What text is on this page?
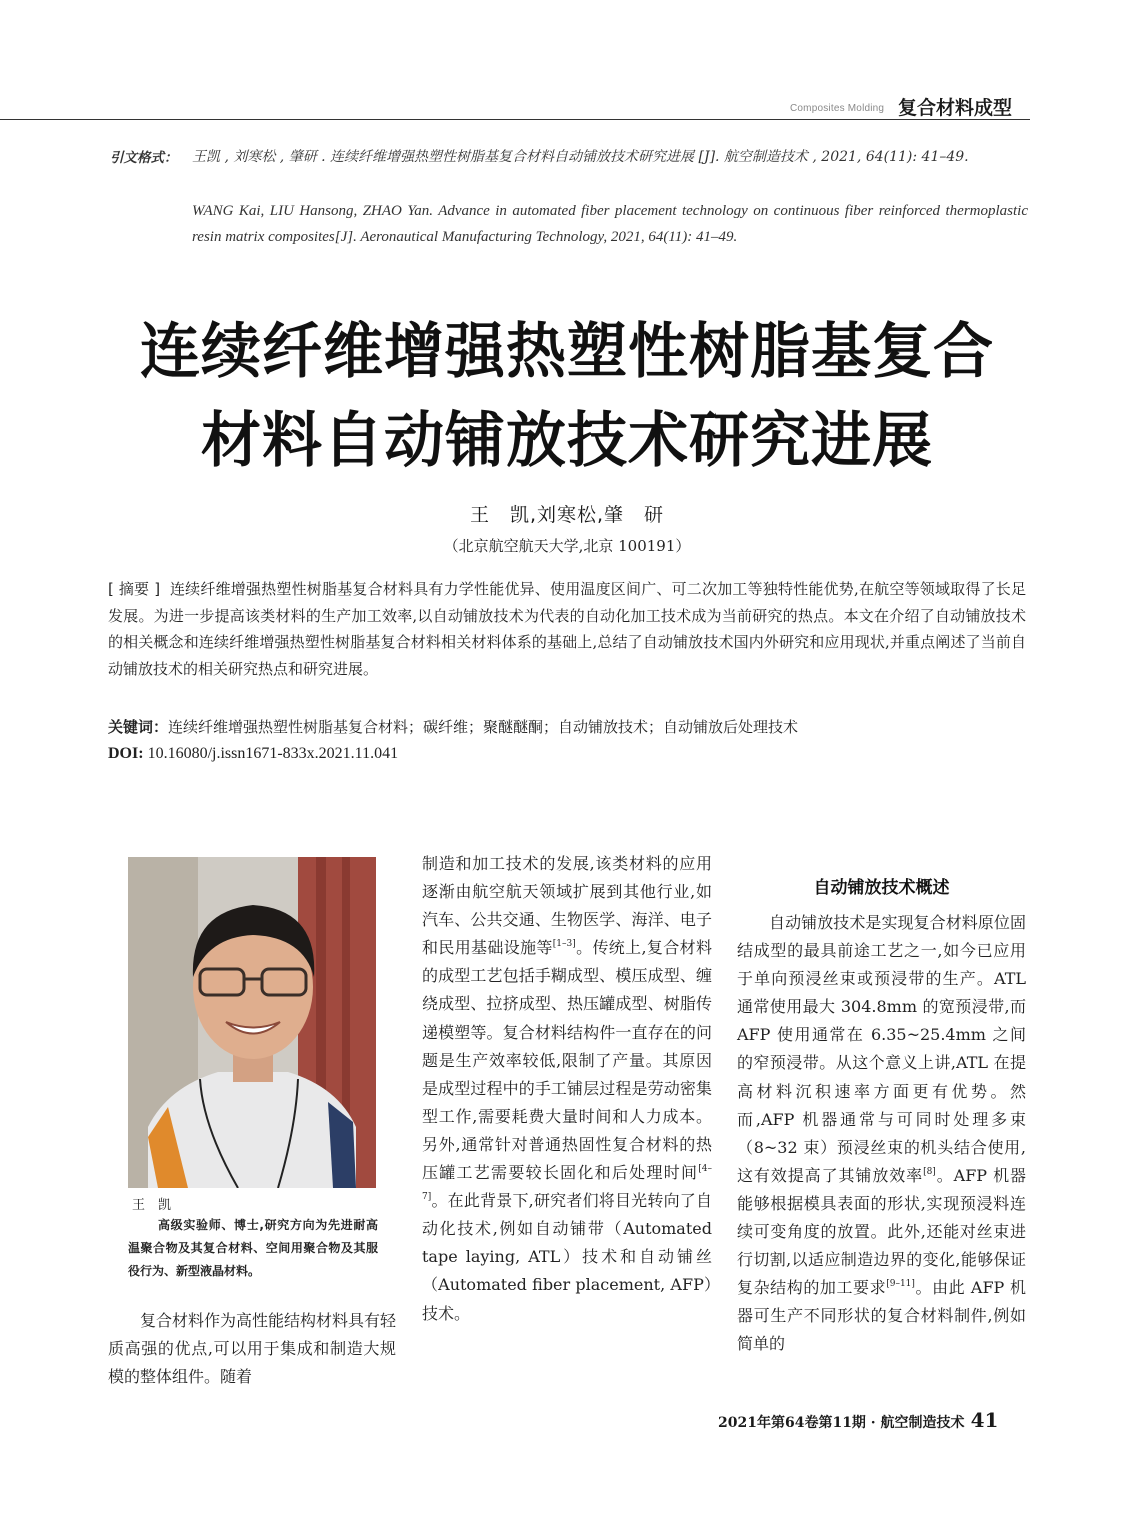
Composites Molding 复合材料成型
引文格式： 王凯 , 刘寒松 , 肇研 . 连续纤维增强热塑性树脂基复合材料自动铺放技术研究进展 [J]. 航空制造技术 , 2021, 64(11): 41–49.
WANG Kai, LIU Hansong, ZHAO Yan. Advance in automated fiber placement technology on continuous fiber reinforced thermoplastic resin matrix composites[J]. Aeronautical Manufacturing Technology, 2021, 64(11): 41–49.
连续纤维增强热塑性树脂基复合
材料自动铺放技术研究进展
王　凯,刘寒松,肇　研
（北京航空航天大学,北京 100191）
[ 摘要 ] 连续纤维增强热塑性树脂基复合材料具有力学性能优异、使用温度区间广、可二次加工等独特性能优势,在航空等领域取得了长足发展。为进一步提高该类材料的生产加工效率,以自动铺放技术为代表的自动化加工技术成为当前研究的热点。本文在介绍了自动铺放技术的相关概念和连续纤维增强热塑性树脂基复合材料相关材料体系的基础上,总结了自动铺放技术国内外研究和应用现状,并重点阐述了当前自动铺放技术的相关研究热点和研究进展。
关键词：连续纤维增强热塑性树脂基复合材料；碳纤维；聚醚醚酮；自动铺放技术；自动铺放后处理技术
DOI: 10.16080/j.issn1671-833x.2021.11.041
王　凯
高级实验师、博士,研究方向为先进耐高温聚合物及其复合材料、空间用聚合物及其服役行为、新型液晶材料。

复合材料作为高性能结构材料具有轻质高强的优点,可以用于集成和制造大规模的整体组件。随着

制造和加工技术的发展,该类材料的应用逐渐由航空航天领域扩展到其他行业,如汽车、公共交通、生物医学、海洋、电子和民用基础设施等[1–3]。传统上,复合材料的成型工艺包括手糊成型、模压成型、缠绕成型、拉挤成型、热压罐成型、树脂传递模塑等。复合材料结构件一直存在的问题是生产效率较低,限制了产量。其原因是成型过程中的手工铺层过程是劳动密集型工作,需要耗费大量时间和人力成本。另外,通常针对普通热固性复合材料的热压罐工艺需要较长固化和后处理时间[4–7]。在此背景下,研究者们将目光转向了自动化技术,例如自动铺带（Automated tape laying, ATL）技术和自动铺丝（Automated fiber placement, AFP）技术。

自动铺放技术概述

自动铺放技术是实现复合材料原位固结成型的最具前途工艺之一,如今已应用于单向预浸丝束或预浸带的生产。ATL 通常使用最大 304.8mm 的宽预浸带,而 AFP 使用通常在 6.35~25.4mm 之间的窄预浸带。从这个意义上讲,ATL 在提高材料沉积速率方面更有优势。然而,AFP 机器通常与可同时处理多束（8~32 束）预浸丝束的机头结合使用,这有效提高了其铺放效率[8]。AFP 机器能够根据模具表面的形状,实现预浸料连续可变角度的放置。此外,还能对丝束进行切割,以适应制造边界的变化,能够保证复杂结构的加工要求[9–11]。由此 AFP 机器可生产不同形状的复合材料制件,例如简单的

2021年第64卷第11期 · 航空制造技术 41
